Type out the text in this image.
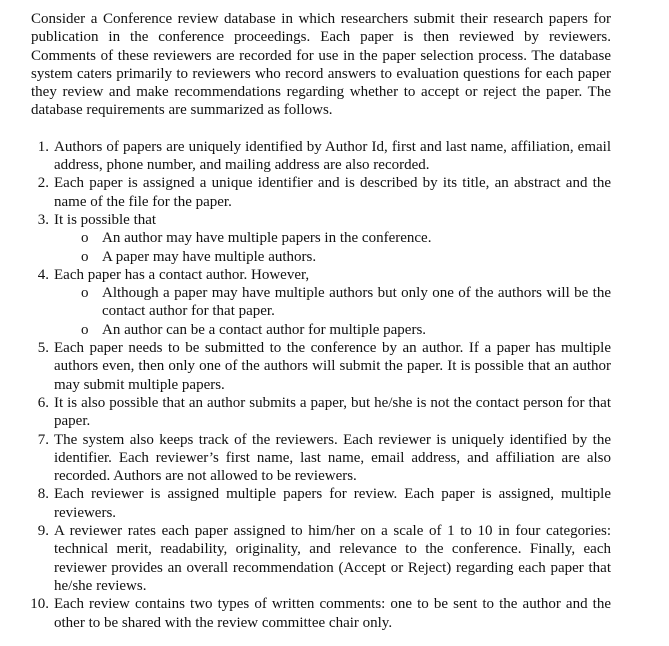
Consider a Conference review database in which researchers submit their research papers for publication in the conference proceedings. Each paper is then reviewed by reviewers. Comments of these reviewers are recorded for use in the paper selection process. The database system caters primarily to reviewers who record answers to evaluation questions for each paper they review and make recommendations regarding whether to accept or reject the paper. The database requirements are summarized as follows.

1. Authors of papers are uniquely identified by Author Id, first and last name, affiliation, email address, phone number, and mailing address are also recorded.
2. Each paper is assigned a unique identifier and is described by its title, an abstract and the name of the file for the paper.
3. It is possible that
o An author may have multiple papers in the conference.
o A paper may have multiple authors.
4. Each paper has a contact author. However,
o Although a paper may have multiple authors but only one of the authors will be the contact author for that paper.
o An author can be a contact author for multiple papers.
5. Each paper needs to be submitted to the conference by an author. If a paper has multiple authors even, then only one of the authors will submit the paper. It is possible that an author may submit multiple papers.
6. It is also possible that an author submits a paper, but he/she is not the contact person for that paper.
7. The system also keeps track of the reviewers. Each reviewer is uniquely identified by the identifier. Each reviewer’s first name, last name, email address, and affiliation are also recorded. Authors are not allowed to be reviewers.
8. Each reviewer is assigned multiple papers for review. Each paper is assigned, multiple reviewers.
9. A reviewer rates each paper assigned to him/her on a scale of 1 to 10 in four categories: technical merit, readability, originality, and relevance to the conference. Finally, each reviewer provides an overall recommendation (Accept or Reject) regarding each paper that he/she reviews.
10. Each review contains two types of written comments: one to be sent to the author and the other to be shared with the review committee chair only.
